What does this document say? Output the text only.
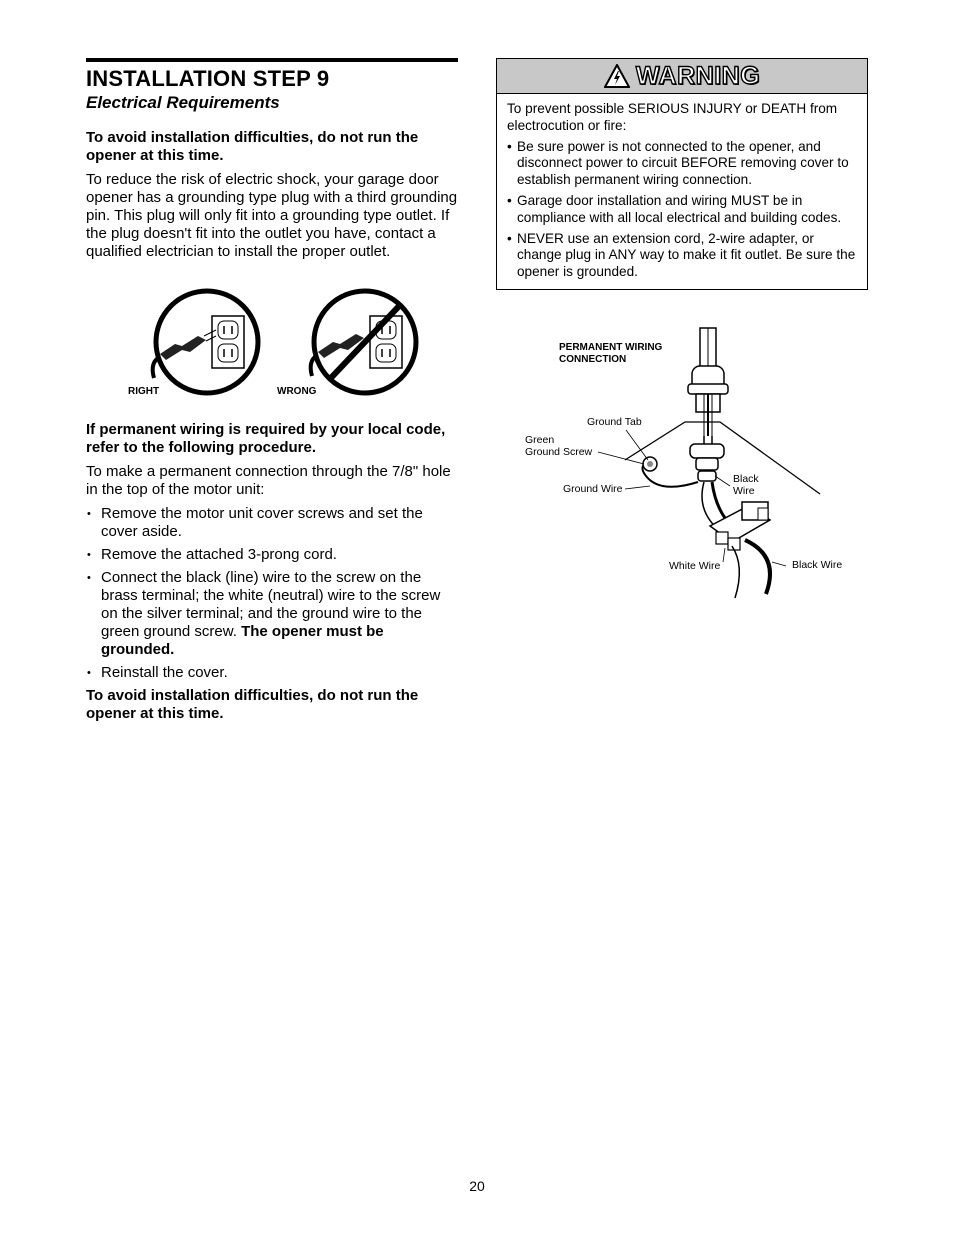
INSTALLATION STEP 9
Electrical Requirements
To avoid installation difficulties, do not run the opener at this time.
To reduce the risk of electric shock, your garage door opener has a grounding type plug with a third grounding pin. This plug will only fit into a grounding type outlet. If the plug doesn't fit into the outlet you have, contact a qualified electrician to install the proper outlet.
If permanent wiring is required by your local code, refer to the following procedure.
To make a permanent connection through the 7/8" hole in the top of the motor unit:
• Remove the motor unit cover screws and set the cover aside.
• Remove the attached 3-prong cord.
• Connect the black (line) wire to the screw on the brass terminal; the white (neutral) wire to the screw on the silver terminal; and the ground wire to the green ground screw. The opener must be grounded.
• Reinstall the cover.
To avoid installation difficulties, do not run the opener at this time.
RIGHT	WRONG
WARNING

To prevent possible SERIOUS INJURY or DEATH from electrocution or fire:

• Be sure power is not connected to the opener, and disconnect power to circuit BEFORE removing cover to establish permanent wiring connection.
• Garage door installation and wiring MUST be in compliance with all local electrical and building codes.
• NEVER use an extension cord, 2-wire adapter, or change plug in ANY way to make it fit outlet. Be sure the opener is grounded.
PERMANENT WIRING
CONNECTION
Ground Tab
Green
Ground Screw
Ground Wire
Black
Wire
White Wire	Black Wire
20
